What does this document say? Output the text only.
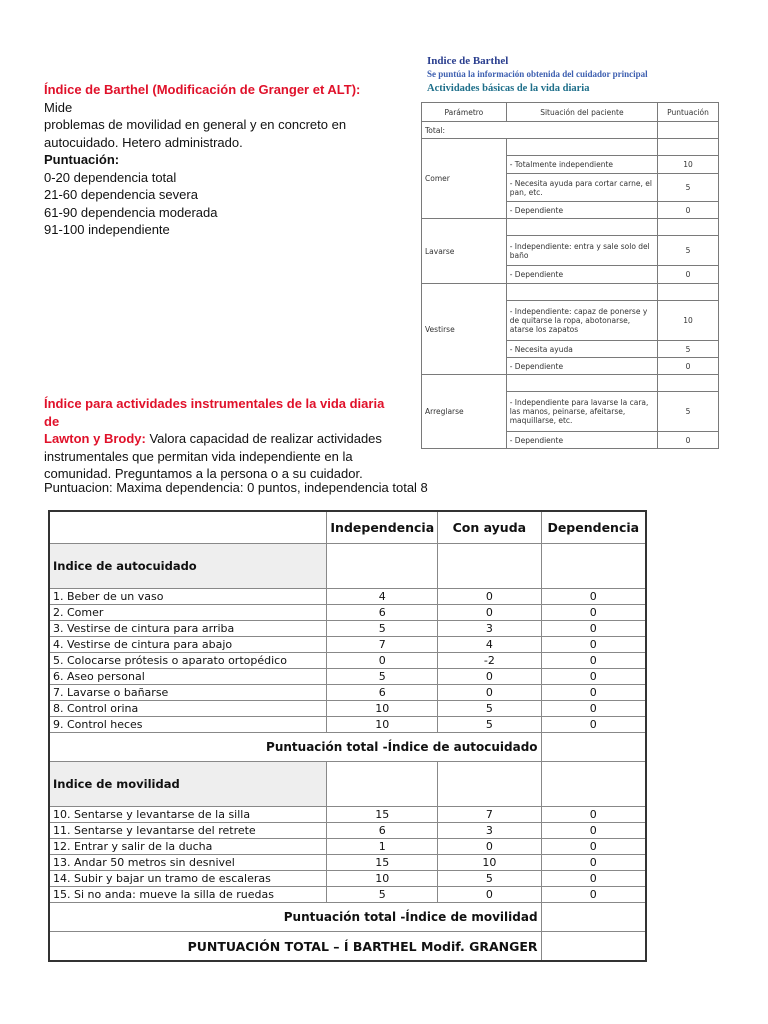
Índice de Barthel (Modificación de Granger et ALT): Mide
problemas de movilidad en general y en concreto en
autocuidado. Hetero administrado.
Puntuación:
0-20 dependencia total
21-60 dependencia severa
61-90 dependencia moderada
91-100 independiente
Índice para actividades instrumentales de la vida diaria de
Lawton y Brody: Valora capacidad de realizar actividades
instrumentales que permitan vida independiente en la
comunidad. Preguntamos a la persona o a su cuidador.
Puntuacion: Maxima dependencia: 0 puntos, independencia total 8
Indice de Barthel
Se puntúa la información obtenida del cuidador principal
Actividades básicas de la vida diaria
Parámetro	Situación del paciente	Puntuación
Total:		
Comer		
	- Totalmente independiente	10
	- Necesita ayuda para cortar carne, el pan, etc.	5
	- Dependiente	0
Lavarse		
	- Independiente: entra y sale solo del baño	5
	- Dependiente	0
Vestirse		
	- Independiente: capaz de ponerse y de quitarse la ropa, abotonarse, atarse los zapatos	10
	- Necesita ayuda	5
	- Dependiente	0
Arreglarse		
	- Independiente para lavarse la cara, las manos, peinarse, afeitarse, maquillarse, etc.	5
	- Dependiente	0
	Independencia	Con ayuda	Dependencia
Indice de autocuidado			
1. Beber de un vaso	4	0	0
2. Comer	6	0	0
3. Vestirse de cintura para arriba	5	3	0
4. Vestirse de cintura para abajo	7	4	0
5. Colocarse prótesis o aparato ortopédico	0	-2	0
6. Aseo personal	5	0	0
7. Lavarse o bañarse	6	0	0
8. Control orina	10	5	0
9. Control heces	10	5	0
Puntuación total -Índice de autocuidado			
Indice de movilidad			
10. Sentarse y levantarse de la silla	15	7	0
11. Sentarse y levantarse del retrete	6	3	0
12. Entrar y salir de la ducha	1	0	0
13. Andar 50 metros sin desnivel	15	10	0
14. Subir y bajar un tramo de escaleras	10	5	0
15. Si no anda: mueve la silla de ruedas	5	0	0
Puntuación total -Índice de movilidad			
PUNTUACIÓN TOTAL – Í BARTHEL Modif. GRANGER			
